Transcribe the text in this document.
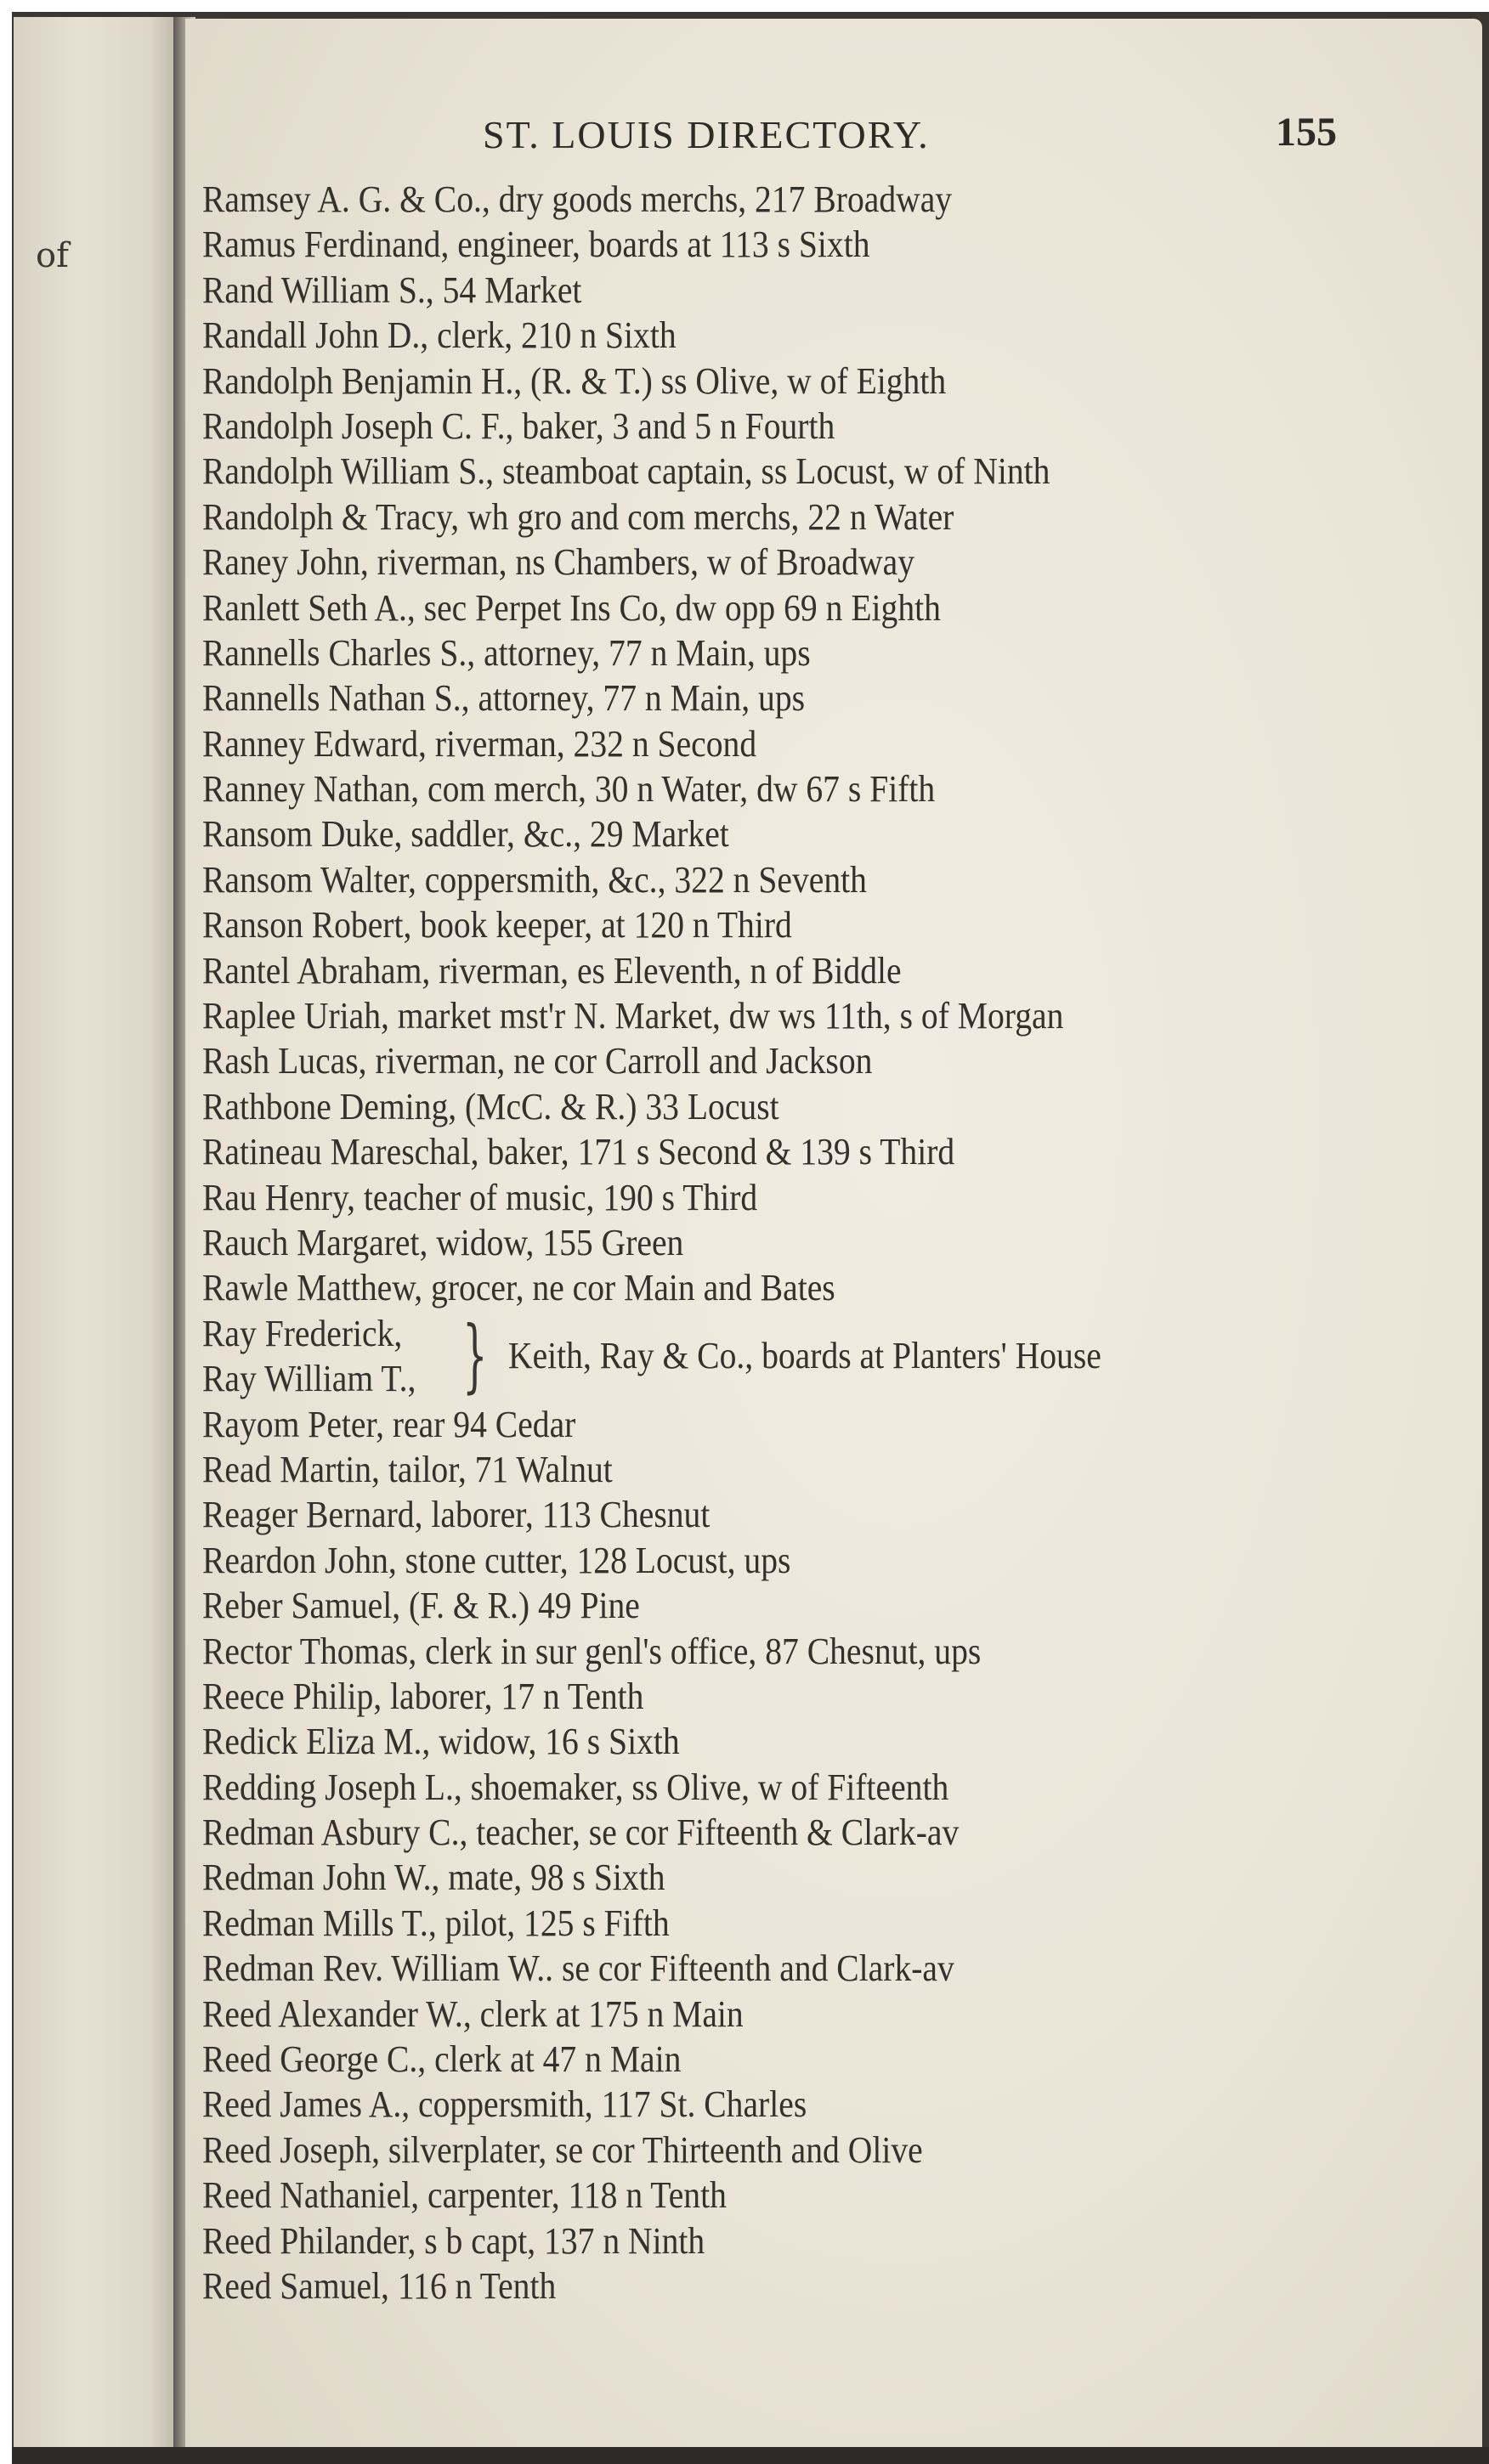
of
ST. LOUIS DIRECTORY.	155
Ramsey A. G. & Co., dry goods merchs, 217 Broadway
Ramus Ferdinand, engineer, boards at 113 s Sixth
Rand William S., 54 Market
Randall John D., clerk, 210 n Sixth
Randolph Benjamin H., (R. & T.) ss Olive, w of Eighth
Randolph Joseph C. F., baker, 3 and 5 n Fourth
Randolph William S., steamboat captain, ss Locust, w of Ninth
Randolph & Tracy, wh gro and com merchs, 22 n Water
Raney John, riverman, ns Chambers, w of Broadway
Ranlett Seth A., sec Perpet Ins Co, dw opp 69 n Eighth
Rannells Charles S., attorney, 77 n Main, ups
Rannells Nathan S., attorney, 77 n Main, ups
Ranney Edward, riverman, 232 n Second
Ranney Nathan, com merch, 30 n Water, dw 67 s Fifth
Ransom Duke, saddler, &c., 29 Market
Ransom Walter, coppersmith, &c., 322 n Seventh
Ranson Robert, book keeper, at 120 n Third
Rantel Abraham, riverman, es Eleventh, n of Biddle
Raplee Uriah, market mst'r N. Market, dw ws 11th, s of Morgan
Rash Lucas, riverman, ne cor Carroll and Jackson
Rathbone Deming, (McC. & R.) 33 Locust
Ratineau Mareschal, baker, 171 s Second & 139 s Third
Rau Henry, teacher of music, 190 s Third
Rauch Margaret, widow, 155 Green
Rawle Matthew, grocer, ne cor Main and Bates
Ray Frederick,
Ray William T., } Keith, Ray & Co., boards at Planters' House
Rayom Peter, rear 94 Cedar
Read Martin, tailor, 71 Walnut
Reager Bernard, laborer, 113 Chesnut
Reardon John, stone cutter, 128 Locust, ups
Reber Samuel, (F. & R.) 49 Pine
Rector Thomas, clerk in sur genl's office, 87 Chesnut, ups
Reece Philip, laborer, 17 n Tenth
Redick Eliza M., widow, 16 s Sixth
Redding Joseph L., shoemaker, ss Olive, w of Fifteenth
Redman Asbury C., teacher, se cor Fifteenth & Clark-av
Redman John W., mate, 98 s Sixth
Redman Mills T., pilot, 125 s Fifth
Redman Rev. William W.. se cor Fifteenth and Clark-av
Reed Alexander W., clerk at 175 n Main
Reed George C., clerk at 47 n Main
Reed James A., coppersmith, 117 St. Charles
Reed Joseph, silverplater, se cor Thirteenth and Olive
Reed Nathaniel, carpenter, 118 n Tenth
Reed Philander, s b capt, 137 n Ninth
Reed Samuel, 116 n Tenth
